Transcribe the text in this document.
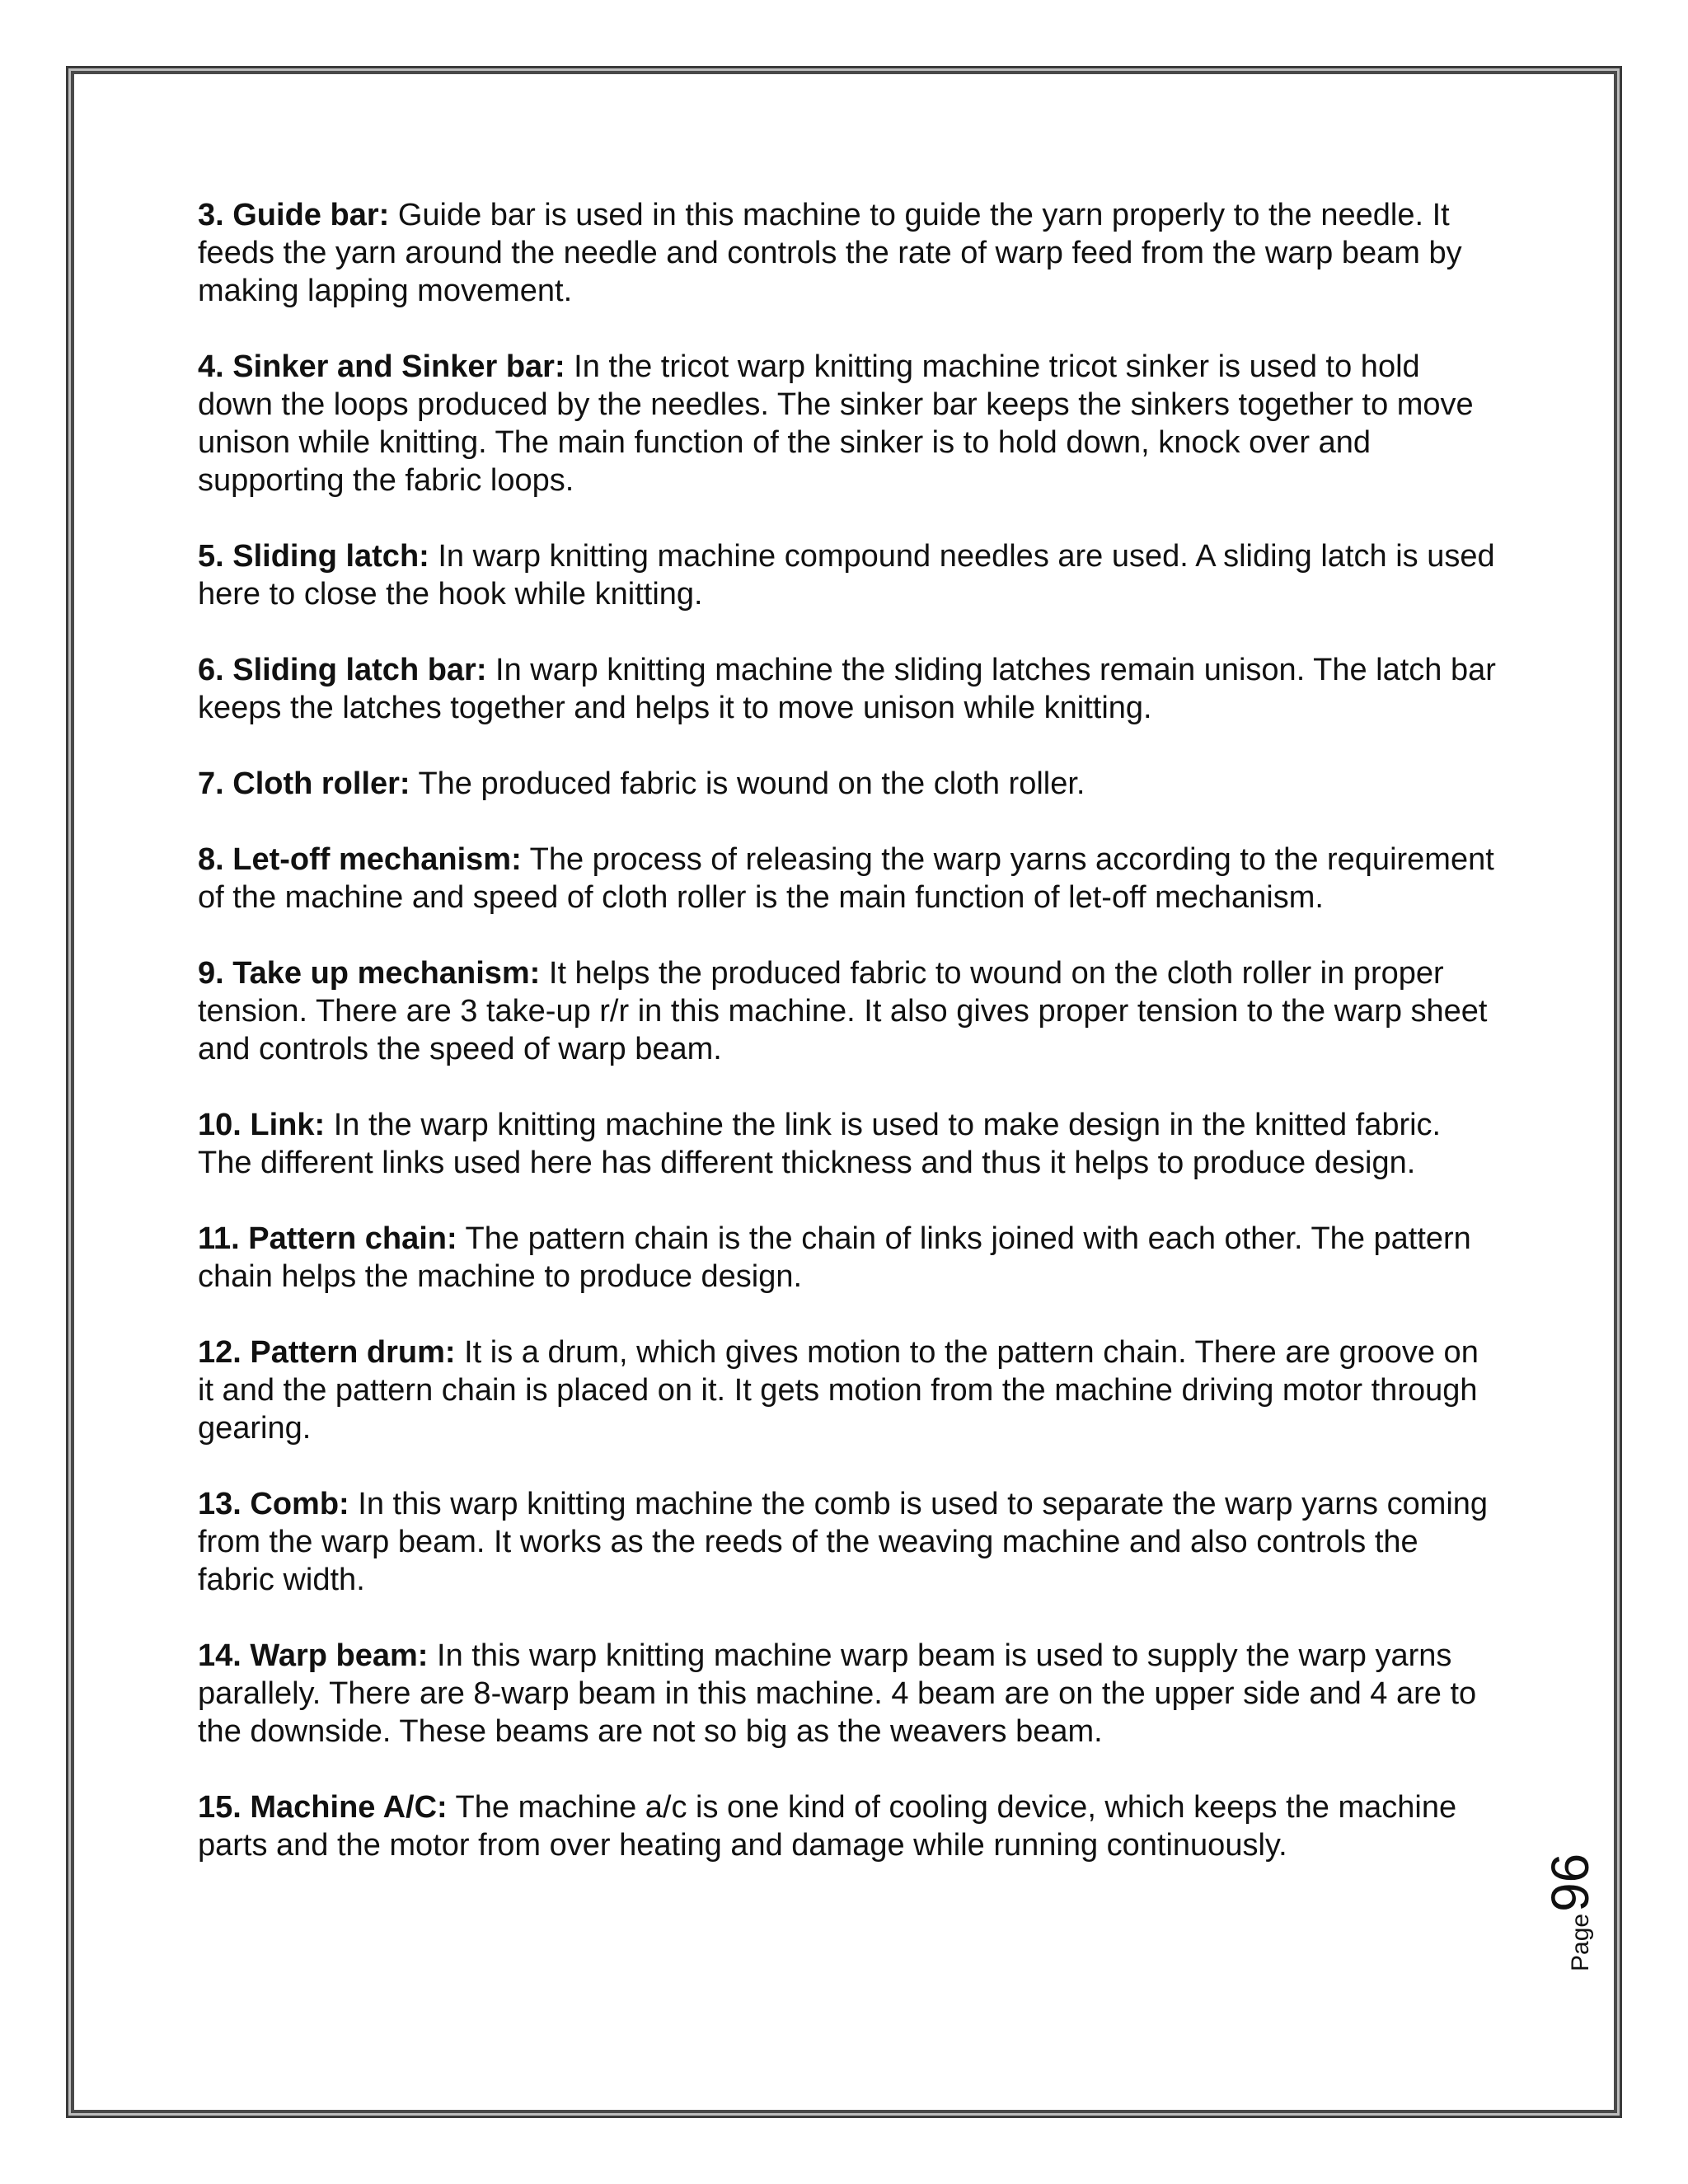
3. Guide bar: Guide bar is used in this machine to guide the yarn properly to the needle. It feeds the yarn around the needle and controls the rate of warp feed from the warp beam by making lapping movement.

4. Sinker and Sinker bar: In the tricot warp knitting machine tricot sinker is used to hold down the loops produced by the needles. The sinker bar keeps the sinkers together to move unison while knitting. The main function of the sinker is to hold down, knock over and supporting the fabric loops.

5. Sliding latch: In warp knitting machine compound needles are used. A sliding latch is used here to close the hook while knitting.

6. Sliding latch bar: In warp knitting machine the sliding latches remain unison. The latch bar keeps the latches together and helps it to move unison while knitting.

7. Cloth roller: The produced fabric is wound on the cloth roller.

8. Let-off mechanism: The process of releasing the warp yarns according to the requirement of the machine and speed of cloth roller is the main function of let-off mechanism.

9. Take up mechanism: It helps the produced fabric to wound on the cloth roller in proper tension. There are 3 take-up r/r in this machine. It also gives proper tension to the warp sheet and controls the speed of warp beam.

10. Link: In the warp knitting machine the link is used to make design in the knitted fabric. The different links used here has different thickness and thus it helps to produce design.

11. Pattern chain: The pattern chain is the chain of links joined with each other. The pattern chain helps the machine to produce design.

12. Pattern drum: It is a drum, which gives motion to the pattern chain. There are groove on it and the pattern chain is placed on it. It gets motion from the machine driving motor through gearing.

13. Comb: In this warp knitting machine the comb is used to separate the warp yarns coming from the warp beam. It works as the reeds of the weaving machine and also controls the fabric width.

14. Warp beam: In this warp knitting machine warp beam is used to supply the warp yarns parallely. There are 8-warp beam in this machine. 4 beam are on the upper side and 4 are to the downside. These beams are not so big as the weavers beam.

15. Machine A/C: The machine a/c is one kind of cooling device, which keeps the machine parts and the motor from over heating and damage while running continuously.

Page96
